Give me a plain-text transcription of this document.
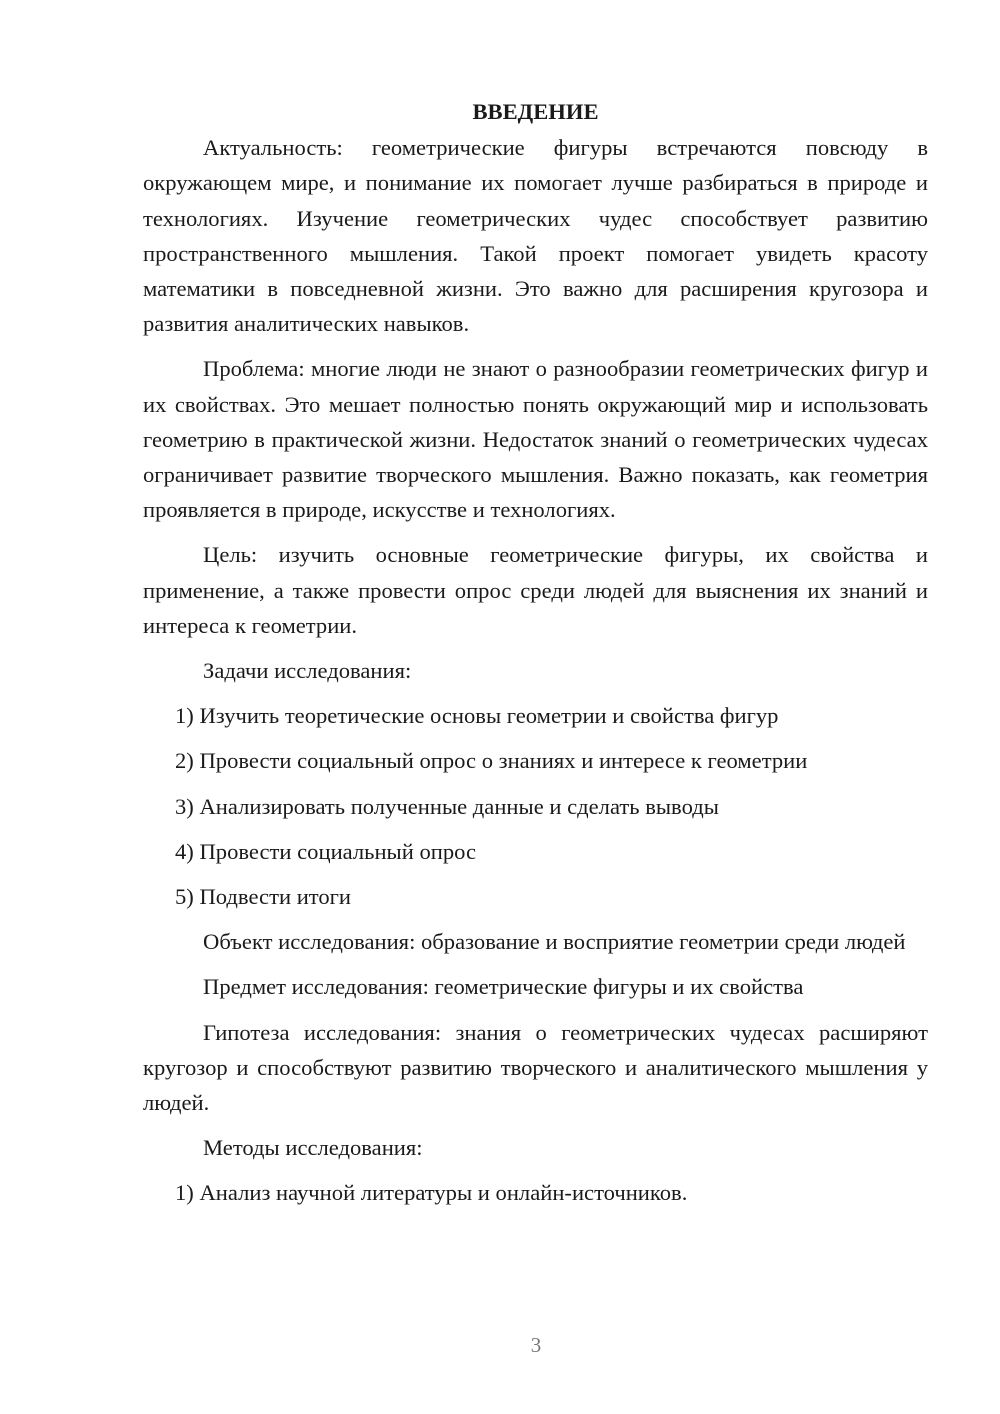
ВВЕДЕНИЕ

Актуальность: геометрические фигуры встречаются повсюду в окружающем мире, и понимание их помогает лучше разбираться в природе и технологиях. Изучение геометрических чудес способствует развитию пространственного мышления. Такой проект помогает увидеть красоту математики в повседневной жизни. Это важно для расширения кругозора и развития аналитических навыков.

Проблема: многие люди не знают о разнообразии геометрических фигур и их свойствах. Это мешает полностью понять окружающий мир и использовать геометрию в практической жизни. Недостаток знаний о геометрических чудесах ограничивает развитие творческого мышления. Важно показать, как геометрия проявляется в природе, искусстве и технологиях.

Цель: изучить основные геометрические фигуры, их свойства и применение, а также провести опрос среди людей для выяснения их знаний и интереса к геометрии.

Задачи исследования:

1) Изучить теоретические основы геометрии и свойства фигур
2) Провести социальный опрос о знаниях и интересе к геометрии
3) Анализировать полученные данные и сделать выводы
4) Провести социальный опрос
5) Подвести итоги

Объект исследования: образование и восприятие геометрии среди людей

Предмет исследования: геометрические фигуры и их свойства

Гипотеза исследования: знания о геометрических чудесах расширяют кругозор и способствуют развитию творческого и аналитического мышления у людей.

Методы исследования:

1) Анализ научной литературы и онлайн-источников.
3
